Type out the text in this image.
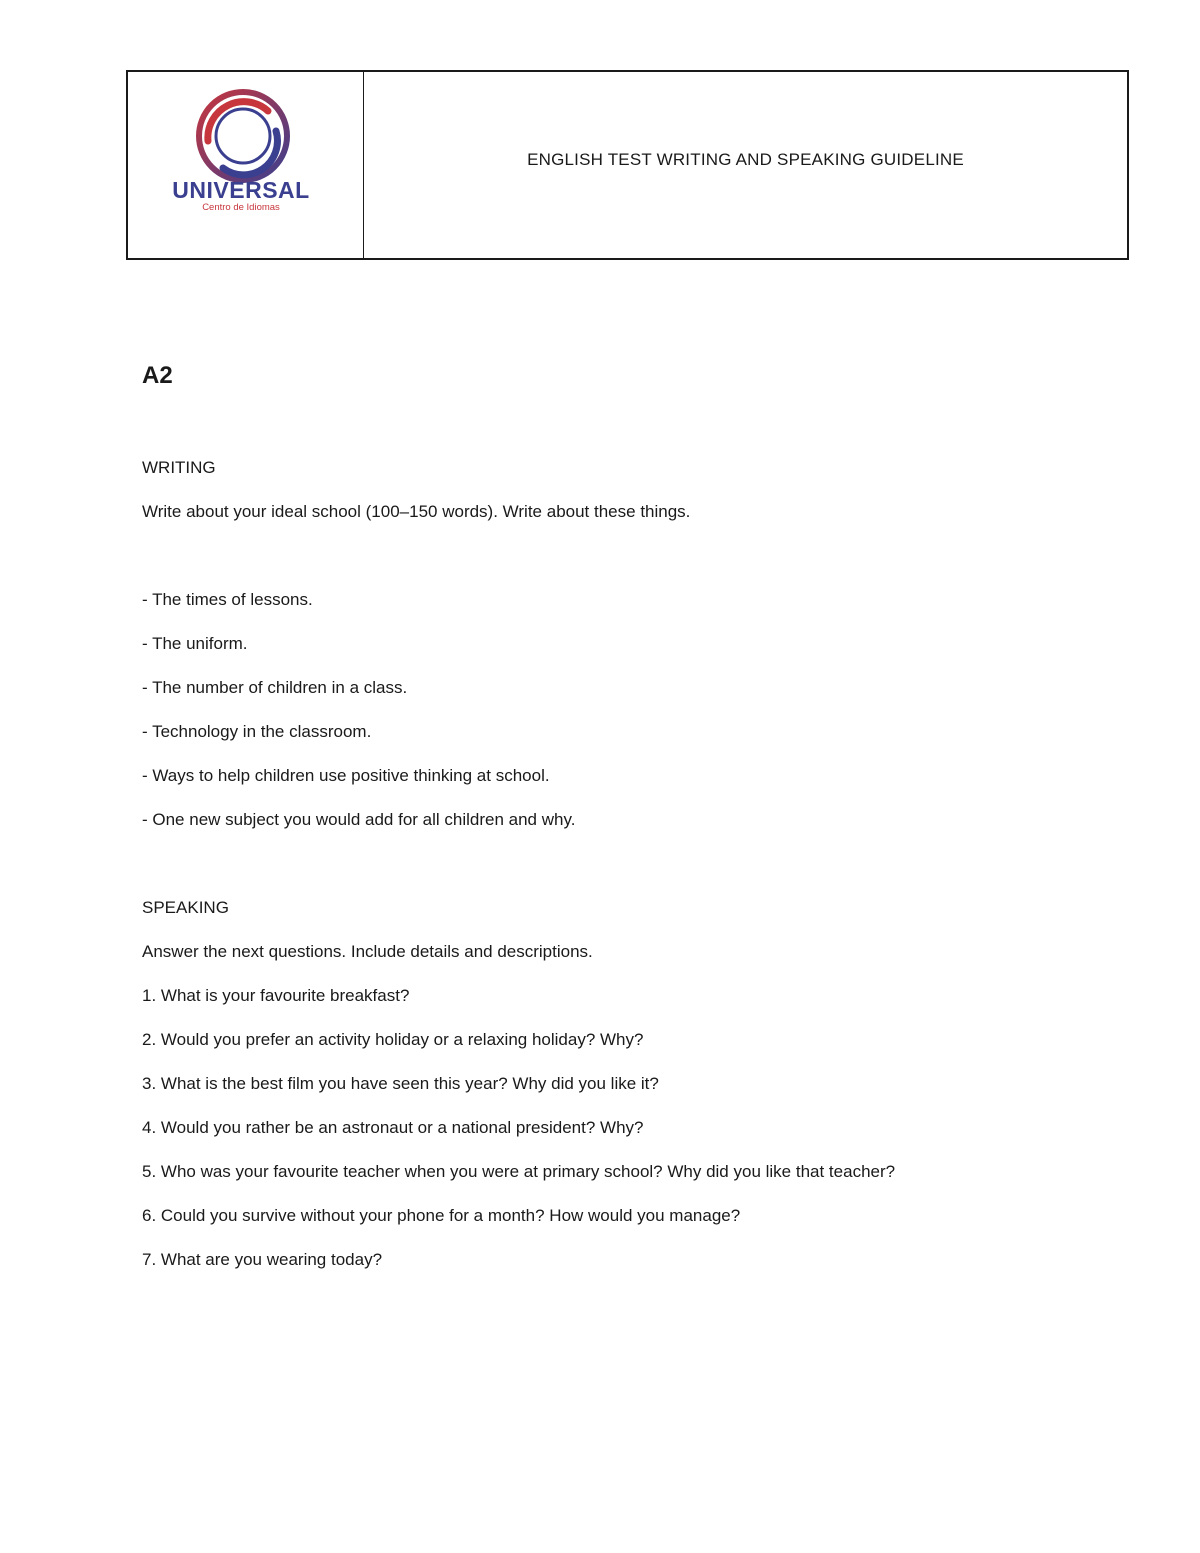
UNIVERSAL
Centro de Idiomas
ENGLISH TEST WRITING AND SPEAKING GUIDELINE
A2

WRITING

Write about your ideal school (100–150 words). Write about these things.

- The times of lessons.
- The uniform.
- The number of children in a class.
- Technology in the classroom.
- Ways to help children use positive thinking at school.
- One new subject you would add for all children and why.

SPEAKING

Answer the next questions. Include details and descriptions.

1. What is your favourite breakfast?
2. Would you prefer an activity holiday or a relaxing holiday? Why?
3. What is the best film you have seen this year? Why did you like it?
4. Would you rather be an astronaut or a national president? Why?
5. Who was your favourite teacher when you were at primary school? Why did you like that teacher?
6. Could you survive without your phone for a month? How would you manage?
7. What are you wearing today?
